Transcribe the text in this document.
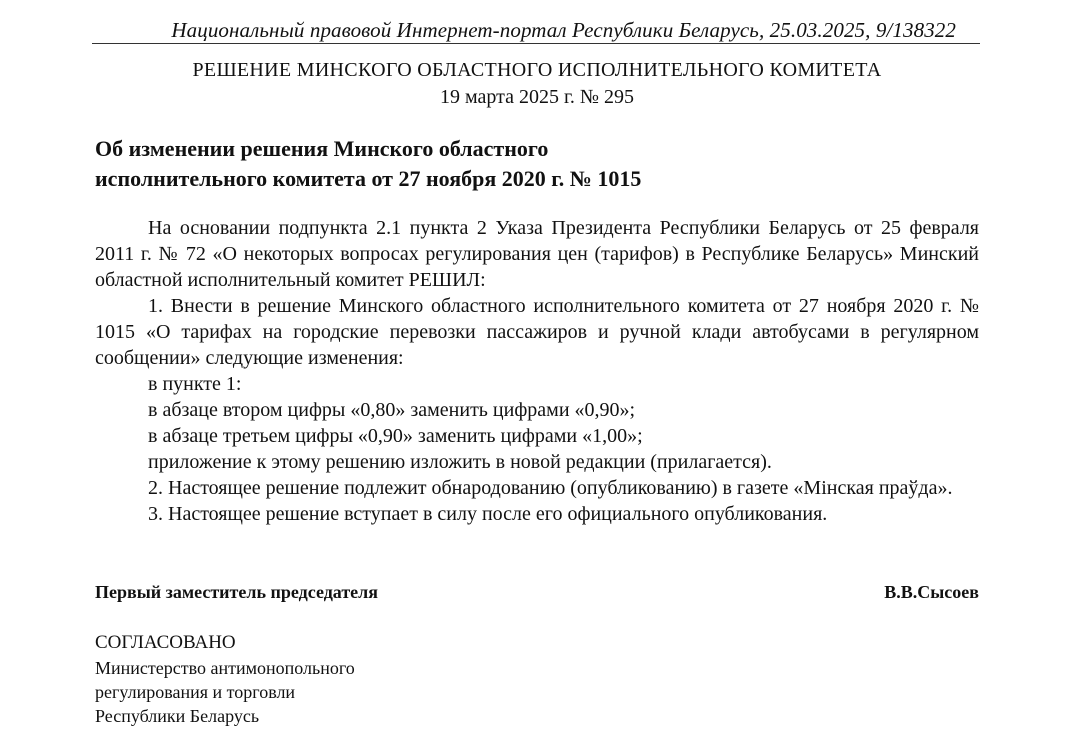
Национальный правовой Интернет-портал Республики Беларусь, 25.03.2025, 9/138322
РЕШЕНИЕ МИНСКОГО ОБЛАСТНОГО ИСПОЛНИТЕЛЬНОГО КОМИТЕТА
19 марта 2025 г. № 295
Об изменении решения Минского областного
исполнительного комитета от 27 ноября 2020 г. № 1015

На основании подпункта 2.1 пункта 2 Указа Президента Республики Беларусь от 25 февраля 2011 г. № 72 «О некоторых вопросах регулирования цен (тарифов) в Республике Беларусь» Минский областной исполнительный комитет РЕШИЛ:

1. Внести в решение Минского областного исполнительного комитета от 27 ноября 2020 г. № 1015 «О тарифах на городские перевозки пассажиров и ручной клади автобусами в регулярном сообщении» следующие изменения:

в пункте 1:

в абзаце втором цифры «0,80» заменить цифрами «0,90»;

в абзаце третьем цифры «0,90» заменить цифрами «1,00»;

приложение к этому решению изложить в новой редакции (прилагается).

2. Настоящее решение подлежит обнародованию (опубликованию) в газете «Мінская праўда».

3. Настоящее решение вступает в силу после его официального опубликования.

Первый заместитель председателя	В.В.Сысоев
СОГЛАСОВАНО
Министерство антимонопольного
регулирования и торговли
Республики Беларусь
